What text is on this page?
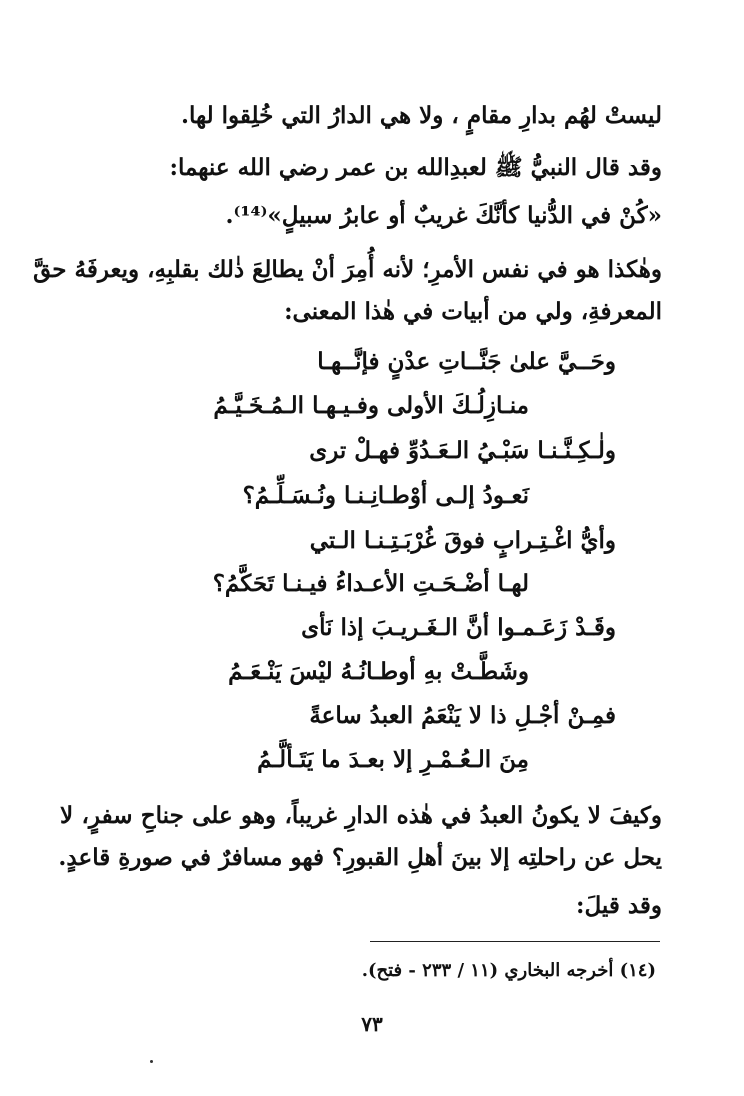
ليستْ لهُم بدارِ مقامٍ ، ولا هي الدارُ التي خُلِقوا لها.
وقد قال النبيُّ ﷺ لعبدِالله بن عمر رضي الله عنهما:
«كُنْ في الدُّنيا كأنَّكَ غريبٌ أو عابرُ سبيلٍ»⁽¹⁴⁾.
وهٰكذا هو في نفس الأمرِ؛ لأنه أُمِرَ أنْ يطالِعَ ذٰلك بقلبِهِ، ويعرفَهُ حقَّ
المعرفةِ، ولي من أبيات في هٰذا المعنى:
وحَــيَّ علىٰ جَنَّــاتِ عدْنٍ فإنَّــهـا
منـازِلُـكَ الأولى وفـيـهـا الـمُـخَـيَّـمُ
ولٰـكِـنَّـنـا سَبْـيُ الـعَـدُوِّ فهـلْ ترى
نَعـودُ إلـى أوْطـانِـنـا ونُـسَـلِّـمُ؟
وأيُّ اغْـتِـرابٍ فوقَ غُرْبَـتِـنـا الـتي
لهـا أضْـحَـتِ الأعـداءُ فيـنـا تَحَكَّمُ؟
وقَـدْ زَعَـمـوا أنَّ الـغَـريـبَ إذا نَأى
وشَطَّـتْ بهِ أوطـانُـهُ ليْسَ يَنْـعَـمُ
فمِـنْ أجْـلِ ذا لا يَنْعَمُ العبدُ ساعةً
مِنَ الـعُـمْـرِ إلا بعـدَ ما يَتَـألَّـمُ
وكيفَ لا يكونُ العبدُ في هٰذه الدارِ غريباً، وهو على جناحِ سفرٍ، لا
يحل عن راحلتِه إلا بينَ أهلِ القبورِ؟ فهو مسافرٌ في صورةِ قاعدٍ.
وقد قيلَ:
(١٤) أخرجه البخاري (١١ / ٢٣٣ - فتح).
٧٣
